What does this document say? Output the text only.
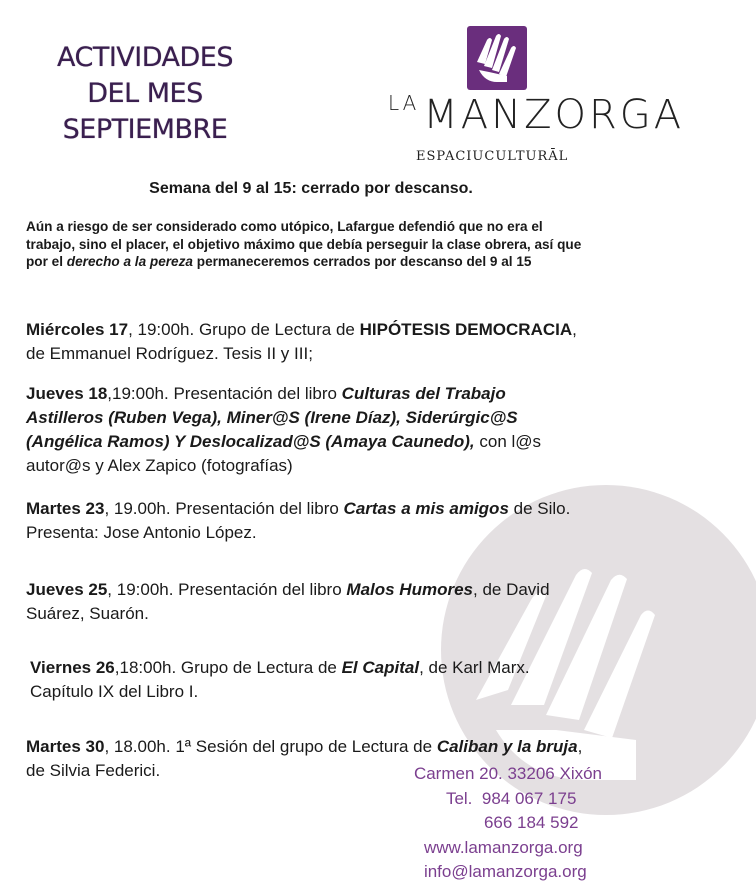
ACTIVIDADES
DEL MES
SEPTIEMBRE
LA MANZORGA
ESPACIUCULTURĀL
Semana del 9 al 15: cerrado por descanso.
Aún a riesgo de ser considerado como utópico, Lafargue defendió que no era el trabajo, sino el placer, el objetivo máximo que debía perseguir la clase obrera, así que por el derecho a la pereza permaneceremos cerrados por descanso del 9 al 15
Miércoles 17, 19:00h. Grupo de Lectura de HIPÓTESIS DEMOCRACIA, de Emmanuel Rodríguez. Tesis II y III;
Jueves 18,19:00h. Presentación del libro Culturas del Trabajo Astilleros (Ruben Vega), Miner@S (Irene Díaz), Siderúrgic@S (Angélica Ramos) Y Deslocalizad@S (Amaya Caunedo), con l@s autor@s y Alex Zapico (fotografías)
Martes 23, 19.00h. Presentación del libro Cartas a mis amigos de Silo. Presenta: Jose Antonio López.
Jueves 25, 19:00h. Presentación del libro Malos Humores, de David Suárez, Suarón.
Viernes 26,18:00h. Grupo de Lectura de El Capital, de Karl Marx. Capítulo IX del Libro I.
Martes 30, 18.00h. 1ª Sesión del grupo de Lectura de Caliban y la bruja, de Silvia Federici.	Carmen 20. 33206 Xixón
Tel. 984 067 175
666 184 592
www.lamanzorga.org
info@lamanzorga.org
